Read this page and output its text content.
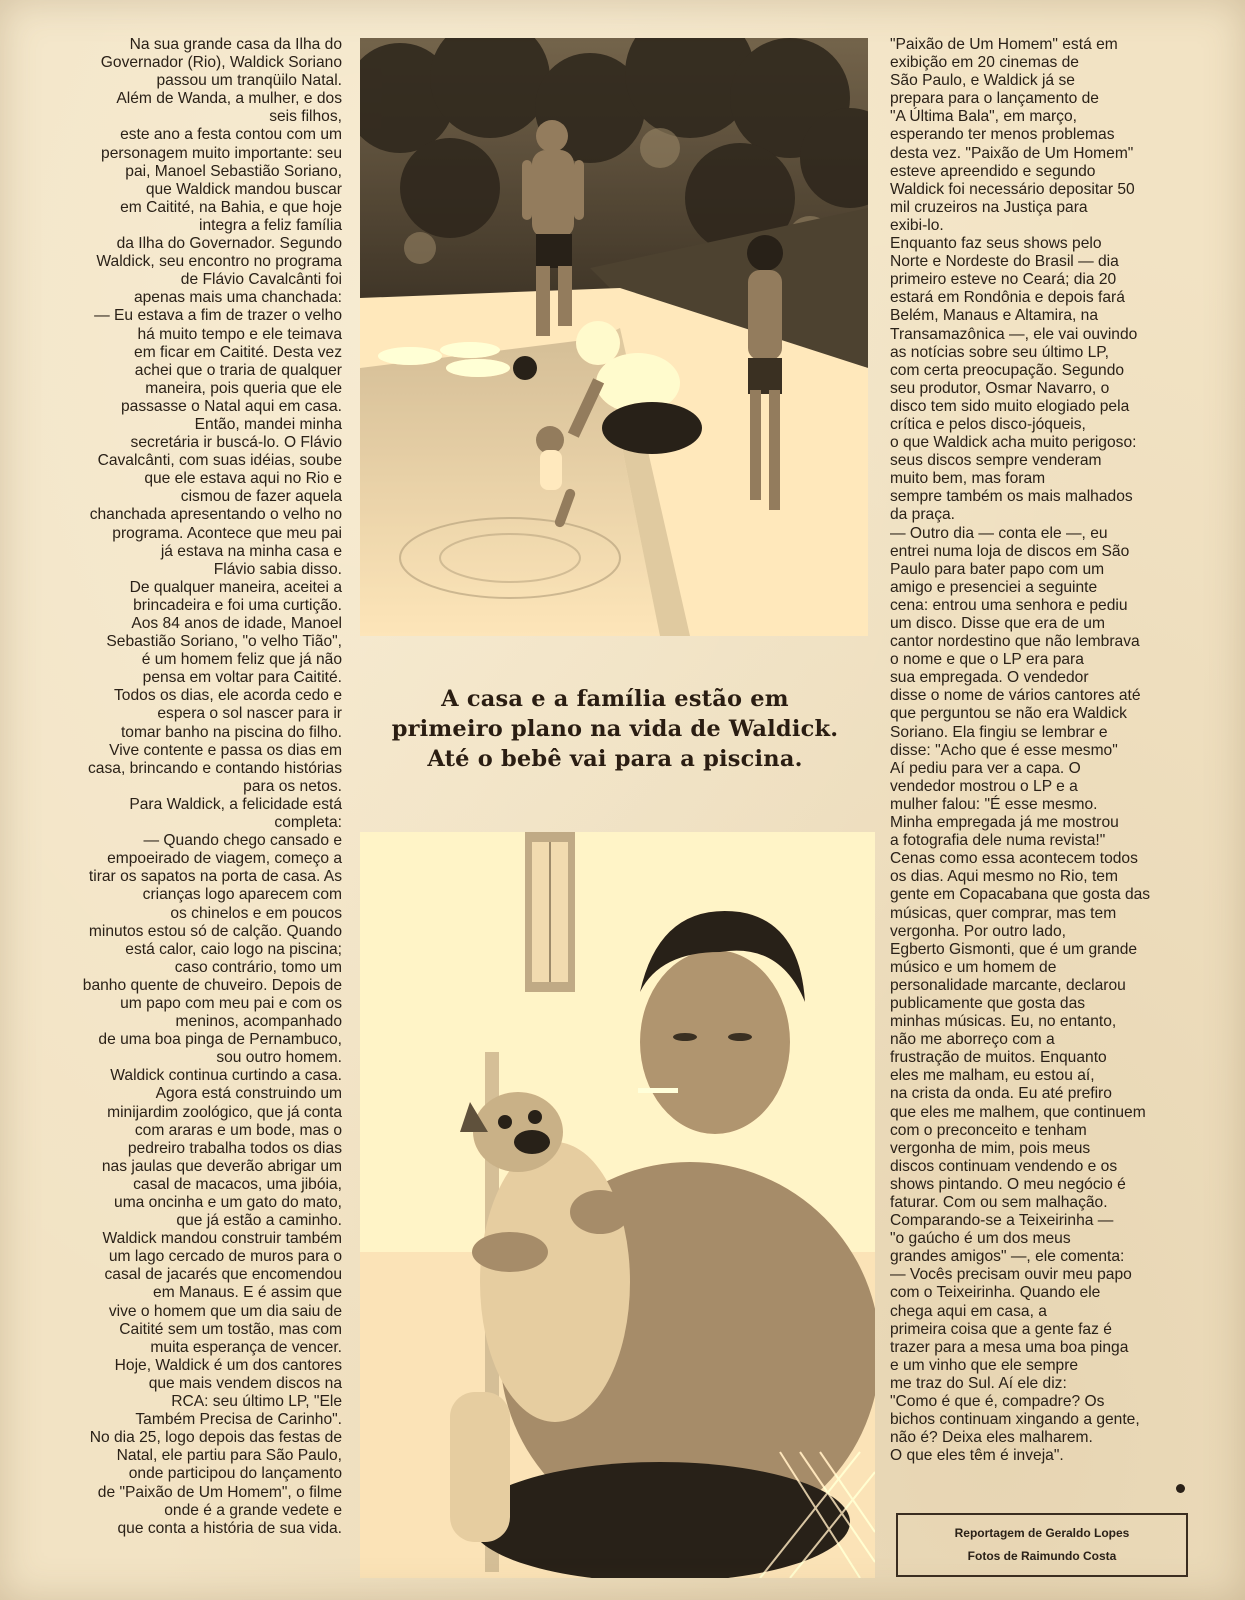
Na sua grande casa da Ilha do
Governador (Rio), Waldick Soriano
passou um tranqüilo Natal.
Além de Wanda, a mulher, e dos
seis filhos,
este ano a festa contou com um
personagem muito importante: seu
pai, Manoel Sebastião Soriano,
que Waldick mandou buscar
em Caitité, na Bahia, e que hoje
integra a feliz família
da Ilha do Governador. Segundo
Waldick, seu encontro no programa
de Flávio Cavalcânti foi
apenas mais uma chanchada:

— Eu estava a fim de trazer o velho
há muito tempo e ele teimava
em ficar em Caitité. Desta vez
achei que o traria de qualquer
maneira, pois queria que ele
passasse o Natal aqui em casa.
Então, mandei minha
secretária ir buscá-lo. O Flávio
Cavalcânti, com suas idéias, soube
que ele estava aqui no Rio e
cismou de fazer aquela
chanchada apresentando o velho no
programa. Acontece que meu pai
já estava na minha casa e
Flávio sabia disso.

De qualquer maneira, aceitei a
brincadeira e foi uma curtição.
Aos 84 anos de idade, Manoel
Sebastião Soriano, "o velho Tião",
é um homem feliz que já não
pensa em voltar para Caitité.
Todos os dias, ele acorda cedo e
espera o sol nascer para ir
tomar banho na piscina do filho.
Vive contente e passa os dias em
casa, brincando e contando histórias
para os netos.

Para Waldick, a felicidade está
completa:

— Quando chego cansado e
empoeirado de viagem, começo a
tirar os sapatos na porta de casa. As
crianças logo aparecem com
os chinelos e em poucos
minutos estou só de calção. Quando
está calor, caio logo na piscina;
caso contrário, tomo um
banho quente de chuveiro. Depois de
um papo com meu pai e com os
meninos, acompanhado
de uma boa pinga de Pernambuco,
sou outro homem.

Waldick continua curtindo a casa.
Agora está construindo um
minijardim zoológico, que já conta
com araras e um bode, mas o
pedreiro trabalha todos os dias
nas jaulas que deverão abrigar um
casal de macacos, uma jibóia,
uma oncinha e um gato do mato,
que já estão a caminho.

Waldick mandou construir também
um lago cercado de muros para o
casal de jacarés que encomendou
em Manaus. E é assim que
vive o homem que um dia saiu de
Caitité sem um tostão, mas com
muita esperança de vencer.

Hoje, Waldick é um dos cantores
que mais vendem discos na
RCA: seu último LP, "Ele
Também Precisa de Carinho".
No dia 25, logo depois das festas de
Natal, ele partiu para São Paulo,
onde participou do lançamento
de "Paixão de Um Homem", o filme
onde é a grande vedete e
que conta a história de sua vida.

A casa e a família estão em
primeiro plano na vida de Waldick.
Até o bebê vai para a piscina.

"Paixão de Um Homem" está em
exibição em 20 cinemas de
São Paulo, e Waldick já se
prepara para o lançamento de
"A Última Bala", em março,
esperando ter menos problemas
desta vez. "Paixão de Um Homem"
esteve apreendido e segundo
Waldick foi necessário depositar 50
mil cruzeiros na Justiça para
exibi-lo.

Enquanto faz seus shows pelo
Norte e Nordeste do Brasil — dia
primeiro esteve no Ceará; dia 20
estará em Rondônia e depois fará
Belém, Manaus e Altamira, na
Transamazônica —, ele vai ouvindo
as notícias sobre seu último LP,
com certa preocupação. Segundo
seu produtor, Osmar Navarro, o
disco tem sido muito elogiado pela
crítica e pelos disco-jóqueis,
o que Waldick acha muito perigoso:
seus discos sempre venderam
muito bem, mas foram
sempre também os mais malhados
da praça.

— Outro dia — conta ele —, eu
entrei numa loja de discos em São
Paulo para bater papo com um
amigo e presenciei a seguinte
cena: entrou uma senhora e pediu
um disco. Disse que era de um
cantor nordestino que não lembrava
o nome e que o LP era para
sua empregada. O vendedor
disse o nome de vários cantores até
que perguntou se não era Waldick
Soriano. Ela fingiu se lembrar e
disse: "Acho que é esse mesmo"
Aí pediu para ver a capa. O
vendedor mostrou o LP e a
mulher falou: "É esse mesmo.
Minha empregada já me mostrou
a fotografia dele numa revista!"
Cenas como essa acontecem todos
os dias. Aqui mesmo no Rio, tem
gente em Copacabana que gosta das
músicas, quer comprar, mas tem
vergonha. Por outro lado,
Egberto Gismonti, que é um grande
músico e um homem de
personalidade marcante, declarou
publicamente que gosta das
minhas músicas. Eu, no entanto,
não me aborreço com a
frustração de muitos. Enquanto
eles me malham, eu estou aí,
na crista da onda. Eu até prefiro
que eles me malhem, que continuem
com o preconceito e tenham
vergonha de mim, pois meus
discos continuam vendendo e os
shows pintando. O meu negócio é
faturar. Com ou sem malhação.

Comparando-se a Teixeirinha —
"o gaúcho é um dos meus
grandes amigos" —, ele comenta:

— Vocês precisam ouvir meu papo
com o Teixeirinha. Quando ele
chega aqui em casa, a
primeira coisa que a gente faz é
trazer para a mesa uma boa pinga
e um vinho que ele sempre
me traz do Sul. Aí ele diz:
"Como é que é, compadre? Os
bichos continuam xingando a gente,
não é? Deixa eles malharem.
O que eles têm é inveja".

Reportagem de Geraldo Lopes
Fotos de Raimundo Costa
